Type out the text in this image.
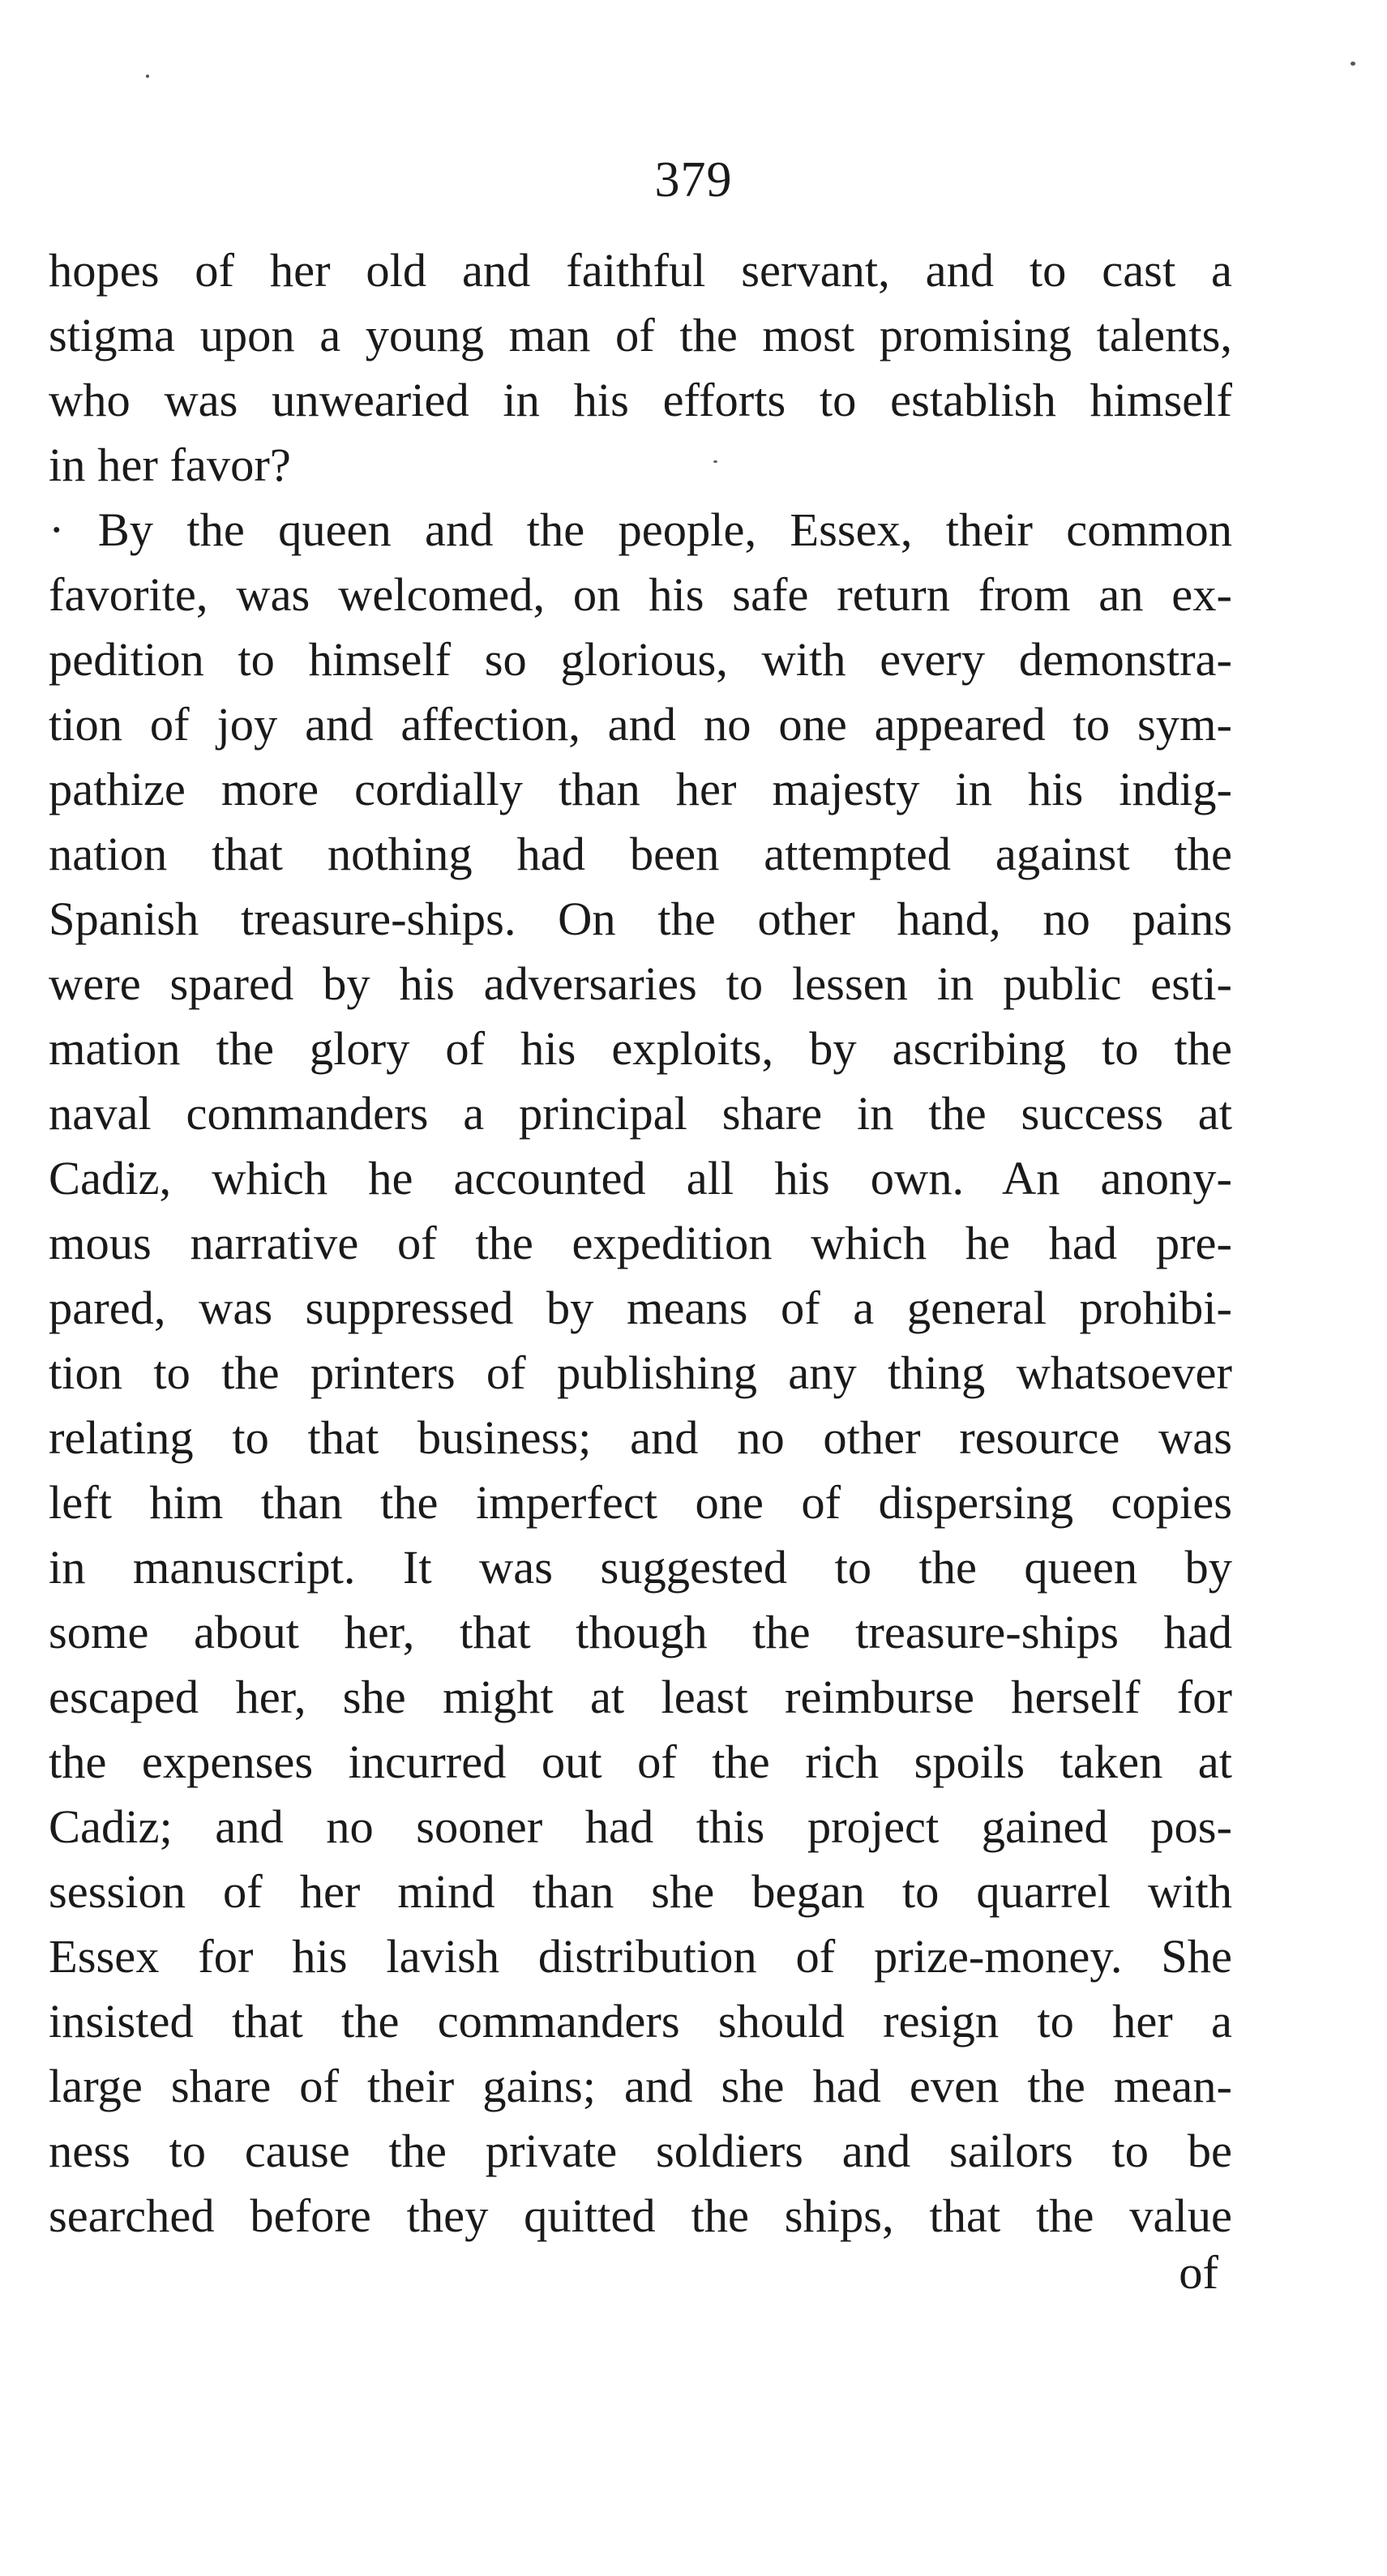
379
hopes of her old and faithful servant, and to cast a
stigma upon a young man of the most promising talents,
who was unwearied in his efforts to establish himself
in her favor?
· By the queen and the people, Essex, their common
favorite, was welcomed, on his safe return from an ex-
pedition to himself so glorious, with every demonstra-
tion of joy and affection, and no one appeared to sym-
pathize more cordially than her majesty in his indig-
nation that nothing had been attempted against the
Spanish treasure-ships. On the other hand, no pains
were spared by his adversaries to lessen in public esti-
mation the glory of his exploits, by ascribing to the
naval commanders a principal share in the success at
Cadiz, which he accounted all his own. An anony-
mous narrative of the expedition which he had pre-
pared, was suppressed by means of a general prohibi-
tion to the printers of publishing any thing whatsoever
relating to that business; and no other resource was
left him than the imperfect one of dispersing copies
in manuscript. It was suggested to the queen by
some about her, that though the treasure-ships had
escaped her, she might at least reimburse herself for
the expenses incurred out of the rich spoils taken at
Cadiz; and no sooner had this project gained pos-
session of her mind than she began to quarrel with
Essex for his lavish distribution of prize-money. She
insisted that the commanders should resign to her a
large share of their gains; and she had even the mean-
ness to cause the private soldiers and sailors to be
searched before they quitted the ships, that the value
of
